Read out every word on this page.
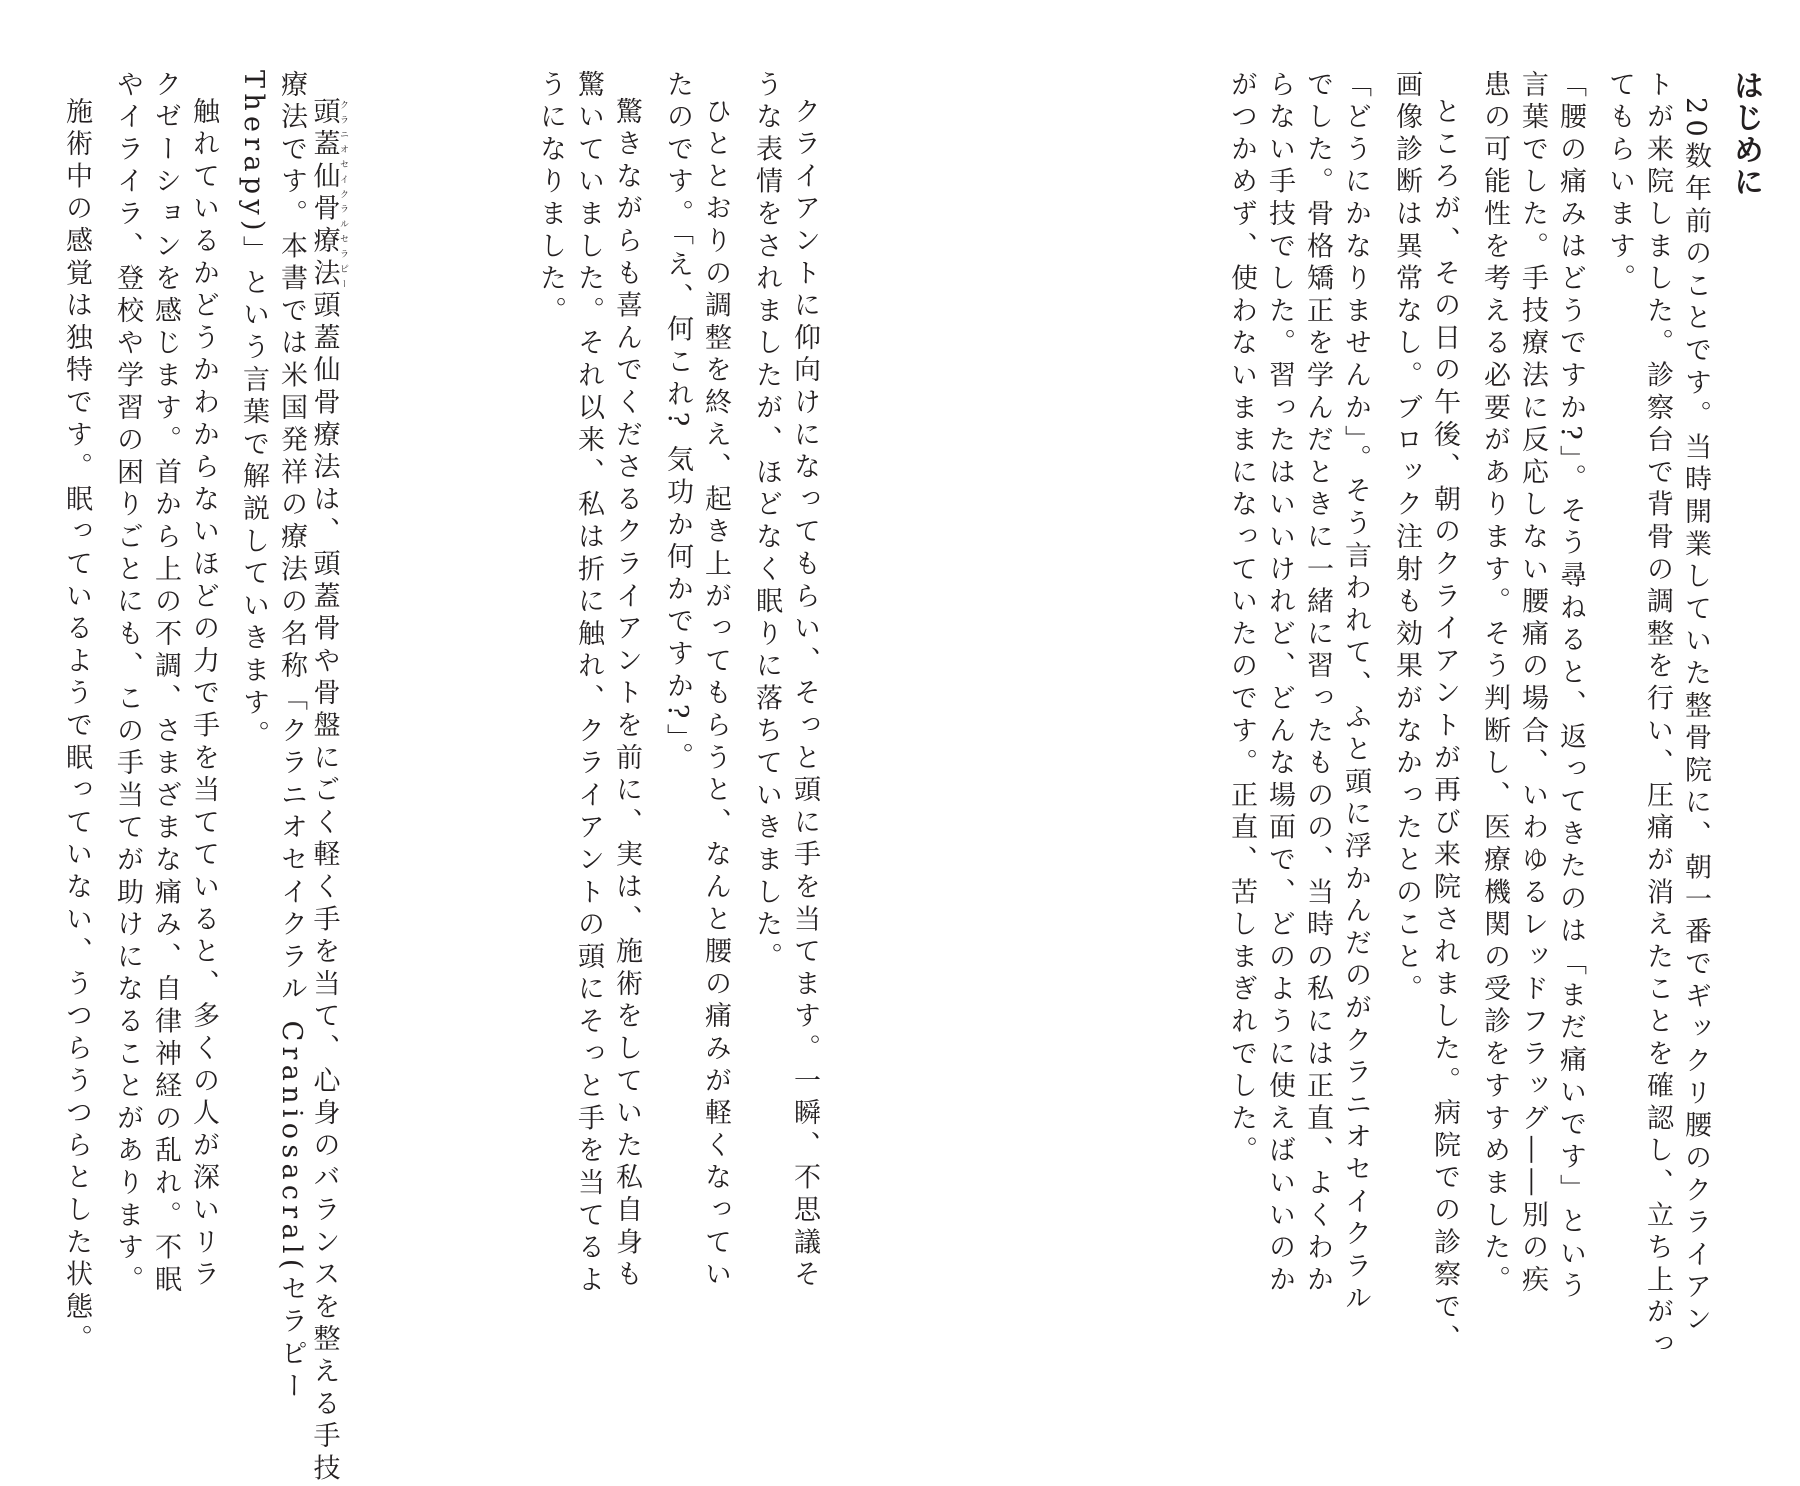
はじめに

20数年前のことです。当時開業していた整骨院に、朝一番でギックリ腰のクライアン

トが来院しました。診察台で背骨の調整を行い、圧痛が消えたことを確認し、立ち上がっ

てもらいます。

「腰の痛みはどうですか?」。そう尋ねると、返ってきたのは「まだ痛いです」という

言葉でした。手技療法に反応しない腰痛の場合、いわゆるレッドフラッグ――別の疾

患の可能性を考える必要があります。そう判断し、医療機関の受診をすすめました。

ところが、その日の午後、朝のクライアントが再び来院されました。病院での診察で、

画像診断は異常なし。ブロック注射も効果がなかったとのこと。

「どうにかなりませんか」。そう言われて、ふと頭に浮かんだのがクラニオセイクラル

でした。骨格矯正を学んだときに一緒に習ったものの、当時の私には正直、よくわか

らない手技でした。習ったはいいけれど、どんな場面で、どのように使えばいいのか

がつかめず、使わないままになっていたのです。正直、苦しまぎれでした。

クライアントに仰向けになってもらい、そっと頭に手を当てます。一瞬、不思議そ

うな表情をされましたが、ほどなく眠りに落ちていきました。

ひととおりの調整を終え、起き上がってもらうと、なんと腰の痛みが軽くなってい

たのです。「え、何これ? 気功か何かですか?」。

驚きながらも喜んでくださるクライアントを前に、実は、施術をしていた私自身も

驚いていました。それ以来、私は折に触れ、クライアントの頭にそっと手を当てるよ

うになりました。

頭蓋仙骨療法クラニオセイクラルセラピー頭蓋仙骨療法は、頭蓋骨や骨盤にごく軽く手を当て、心身のバランスを整える手技

療法です。本書では米国発祥の療法の名称「クラニオセイクラル Craniosacral(セラピー

Therapy)」という言葉で解説していきます。

触れているかどうかわからないほどの力で手を当てていると、多くの人が深いリラ

クゼーションを感じます。首から上の不調、さまざまな痛み、自律神経の乱れ。不眠

やイライラ、登校や学習の困りごとにも、この手当てが助けになることがあります。

施術中の感覚は独特です。眠っているようで眠っていない、うつらうつらとした状態。
